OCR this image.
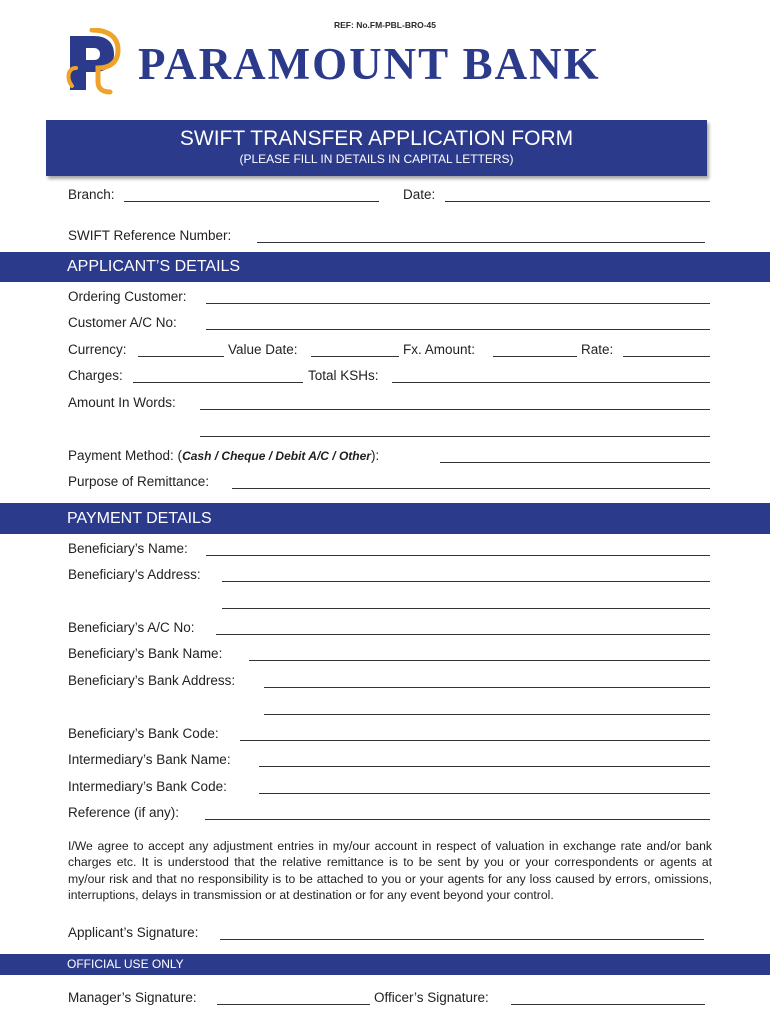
REF: No.FM-PBL-BRO-45
PARAMOUNT BANK
SWIFT TRANSFER APPLICATION FORM
(PLEASE FILL IN DETAILS IN CAPITAL LETTERS)
Branch:	Date:
SWIFT Reference Number:
APPLICANT’S DETAILS
Ordering Customer:
Customer A/C No:
Currency:	Value Date:	Fx. Amount:	Rate:
Charges:	Total KSHs:
Amount In Words:
Payment Method: (Cash / Cheque / Debit A/C / Other):
Purpose of Remittance:
PAYMENT DETAILS
Beneficiary’s Name:
Beneficiary’s Address:
Beneficiary’s A/C No:
Beneficiary’s Bank Name:
Beneficiary’s Bank Address:
Beneficiary’s Bank Code:
Intermediary’s Bank Name:
Intermediary’s Bank Code:
Reference (if any):
I/We agree to accept any adjustment entries in my/our account in respect of valuation in exchange rate and/or bank charges etc. It is understood that the relative remittance is to be sent by you or your correspondents or agents at my/our risk and that no responsibility is to be attached to you or your agents for any loss caused by errors, omissions, interruptions, delays in transmission or at destination or for any event beyond your control.
Applicant’s Signature:
OFFICIAL USE ONLY
Manager’s Signature:	Officer’s Signature:
